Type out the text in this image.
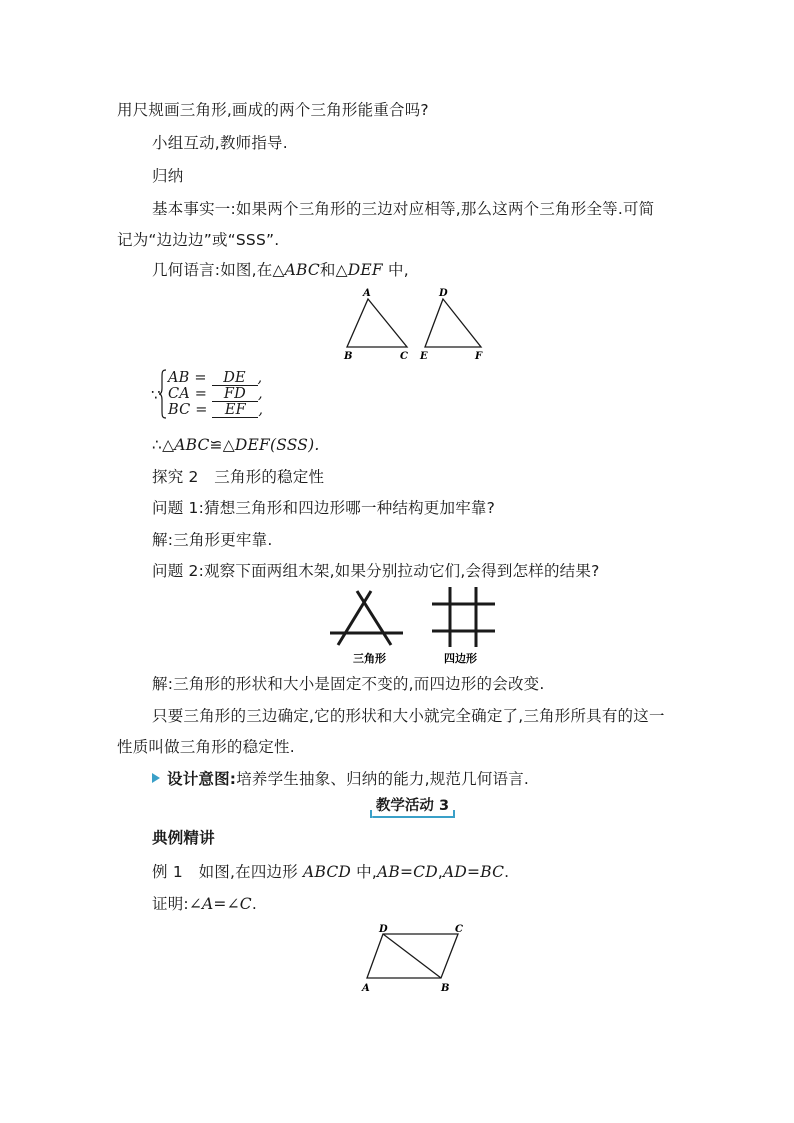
用尺规画三角形,画成的两个三角形能重合吗?
小组互动,教师指导.
归纳
基本事实一:如果两个三角形的三边对应相等,那么这两个三角形全等.可简
记为“边边边”或“SSS”.
几何语言:如图,在△ABC和△DEF 中,
A
B	C
D
E	F
∵
AB = DE ,
CA = FD ,
BC = EF ,
∴△ABC≌△DEF(SSS).
探究 2　三角形的稳定性
问题 1:猜想三角形和四边形哪一种结构更加牢靠?
解:三角形更牢靠.
问题 2:观察下面两组木架,如果分别拉动它们,会得到怎样的结果?
三角形	四边形
解:三角形的形状和大小是固定不变的,而四边形的会改变.
只要三角形的三边确定,它的形状和大小就完全确定了,三角形所具有的这一
性质叫做三角形的稳定性.
设计意图:培养学生抽象、归纳的能力,规范几何语言.
教学活动 3
典例精讲
例 1　如图,在四边形 ABCD 中,AB=CD,AD=BC.
证明:∠A=∠C.
D	C
A	B
